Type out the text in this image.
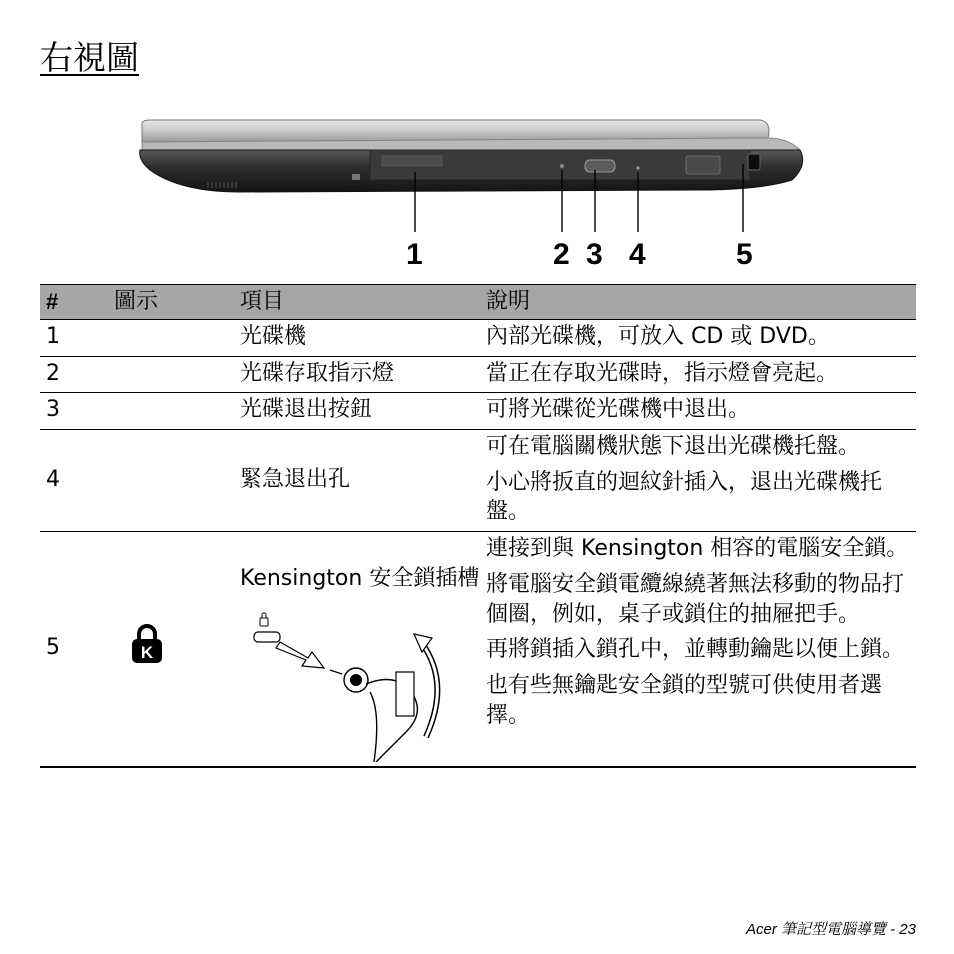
右視圖
1	2 3 4	5
#	圖示	項目	說明
1		光碟機	內部光碟機，可放入 CD 或 DVD。

2		光碟存取指示燈	當正在存取光碟時，指示燈會亮起。

3		光碟退出按鈕	可將光碟從光碟機中退出。

4		緊急退出孔	可在電腦關機狀態下退出光碟機托盤。

小心將扳直的迴紋針插入，退出光碟機托盤。

5	K	Kensington 安全鎖插槽	連接到與 Kensington 相容的電腦安全鎖。

將電腦安全鎖電纜線繞著無法移動的物品打個圈，例如，桌子或鎖住的抽屜把手。

再將鎖插入鎖孔中，並轉動鑰匙以便上鎖。

也有些無鑰匙安全鎖的型號可供使用者選擇。

Acer 筆記型電腦導覽 - 23
